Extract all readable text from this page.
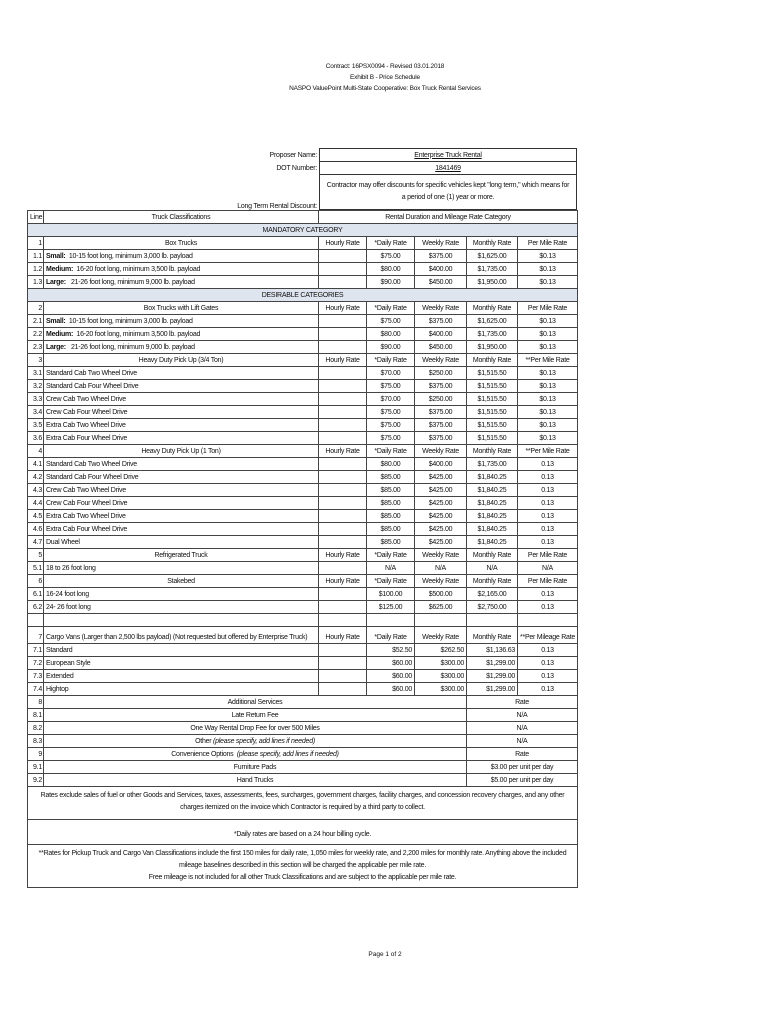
Contract: 16PSX0094 - Revised 03.01.2018
Exhibit B - Price Schedule
NASPO ValuePoint Multi-State Cooperative: Box Truck Rental Services
Proposer Name:	Enterprise Truck Rental
DOT Number:	1841469
Long Term Rental Discount:	Contractor may offer discounts for specific vehicles kept "long term," which means for a period of one (1) year or more.
Line	Truck Classifications	Rental Duration and Mileage Rate Category				
MANDATORY CATEGORY						
1	Box Trucks	Hourly Rate	*Daily Rate	Weekly Rate	Monthly Rate	Per Mile Rate
1.1	Small:  10-15 foot long, minimum 3,000 lb. payload		$75.00	$375.00	$1,625.00	$0.13
1.2	Medium:  16-20 foot long, minimum 3,500 lb. payload		$80.00	$400.00	$1,735.00	$0.13
1.3	Large:   21-26 foot long, minimum 9,000 lb. payload		$90.00	$450.00	$1,950.00	$0.13
DESIRABLE CATEGORIES						
2	Box Trucks with Lift Gates	Hourly Rate	*Daily Rate	Weekly Rate	Monthly Rate	Per Mile Rate
2.1	Small:  10-15 foot long, minimum 3,000 lb. payload		$75.00	$375.00	$1,625.00	$0.13
2.2	Medium:  16-20 foot long, minimum 3,500 lb. payload		$80.00	$400.00	$1,735.00	$0.13
2.3	Large:   21-26 foot long, minimum 9,000 lb. payload		$90.00	$450.00	$1,950.00	$0.13
3	Heavy Duty Pick Up (3/4 Ton)	Hourly Rate	*Daily Rate	Weekly Rate	Monthly Rate	**Per Mile Rate
3.1	Standard Cab Two Wheel Drive		$70.00	$250.00	$1,515.50	$0.13
3.2	Standard Cab Four Wheel Drive		$75.00	$375.00	$1,515.50	$0.13
3.3	Crew Cab Two Wheel Drive		$70.00	$250.00	$1,515.50	$0.13
3.4	Crew Cab Four Wheel Drive		$75.00	$375.00	$1,515.50	$0.13
3.5	Extra Cab Two Wheel Drive		$75.00	$375.00	$1,515.50	$0.13
3.6	Extra Cab Four Wheel Drive		$75.00	$375.00	$1,515.50	$0.13
4	Heavy Duty Pick Up (1 Ton)	Hourly Rate	*Daily Rate	Weekly Rate	Monthly Rate	**Per Mile Rate
4.1	Standard Cab Two Wheel Drive		$80.00	$400.00	$1,735.00	0.13
4.2	Standard Cab Four Wheel Drive		$85.00	$425.00	$1,840.25	0.13
4.3	Crew Cab Two Wheel Drive		$85.00	$425.00	$1,840.25	0.13
4.4	Crew Cab Four Wheel Drive		$85.00	$425.00	$1,840.25	0.13
4.5	Extra Cab Two Wheel Drive		$85.00	$425.00	$1,840.25	0.13
4.6	Extra Cab Four Wheel Drive		$85.00	$425.00	$1,840.25	0.13
4.7	Dual Wheel		$85.00	$425.00	$1,840.25	0.13
5	Refrigerated Truck	Hourly Rate	*Daily Rate	Weekly Rate	Monthly Rate	Per Mile Rate
5.1	18 to 26 foot long		N/A	N/A	N/A	N/A
6	Stakebed	Hourly Rate	*Daily Rate	Weekly Rate	Monthly Rate	Per Mile Rate
6.1	16-24 foot long		$100.00	$500.00	$2,165.00	0.13
6.2	24- 26 foot long		$125.00	$625.00	$2,750.00	0.13

7	Cargo Vans (Larger than 2,500 lbs payload) (Not requested but offered by Enterprise Truck)	Hourly Rate	*Daily Rate	Weekly Rate	Monthly Rate	**Per Mileage Rate
7.1	Standard		$52.50	$262.50	$1,136.63	0.13
7.2	European Style		$60.00	$300.00	$1,299.00	0.13
7.3	Extended		$60.00	$300.00	$1,299.00	0.13
7.4	Hightop		$60.00	$300.00	$1,299.00	0.13
8	Additional Services				Rate	
8.1	Late Return Fee				N/A	
8.2	One Way Rental Drop Fee for over 500 Miles				N/A	
8.3	Other (please specify, add lines if needed)				N/A	
9	Convenience Options  (please specify, add lines if needed)				Rate	
9.1	Furniture Pads				$3.00 per unit per day	
9.2	Hand Trucks				$5.00 per unit per day	
Rates exclude sales of fuel or other Goods and Services, taxes, assessments, fees, surcharges, government charges, facility charges, and concession recovery charges, and any other charges itemized on the invoice which Contractor is required by a third party to collect.						
*Daily rates are based on a 24 hour billing cycle.						

**Rates for Pickup Truck and Cargo Van Classifications include the first 150 miles for daily rate, 1,050 miles for weekly rate, and 2,200 miles for monthly rate. Anything above the included mileage baselines described in this section will be charged the applicable per mile rate.
Free mileage is not included for all other Truck Classifications and are subject to the applicable per mile rate.						
Page 1 of 2
